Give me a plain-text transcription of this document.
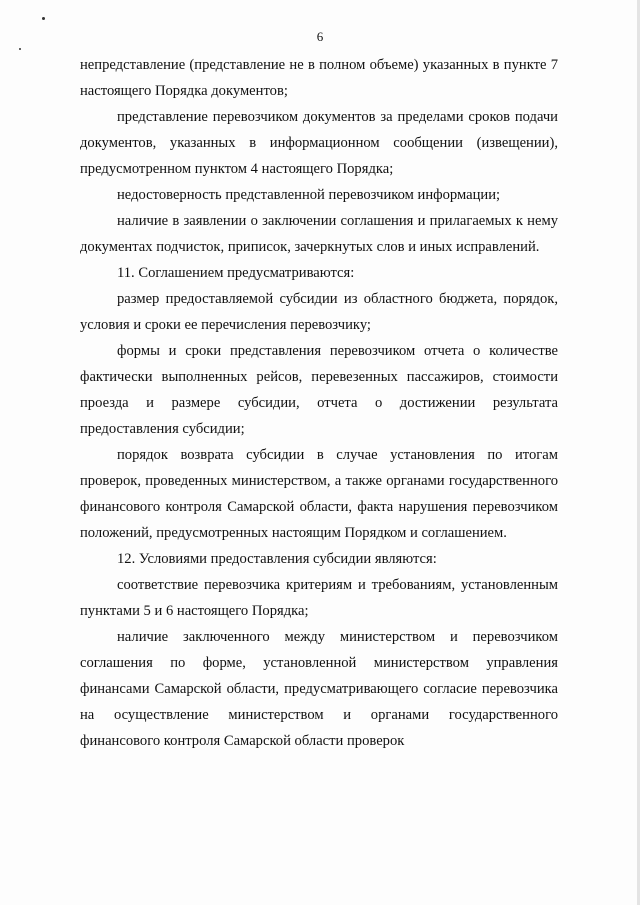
6

непредставление (представление не в полном объеме) указанных в пункте 7 настоящего Порядка документов;

представление перевозчиком документов за пределами сроков подачи документов, указанных в информационном сообщении (извещении), предусмотренном пунктом 4 настоящего Порядка;

недостоверность представленной перевозчиком информации;

наличие в заявлении о заключении соглашения и прилагаемых к нему документах подчисток, приписок, зачеркнутых слов и иных исправлений.

11. Соглашением предусматриваются:

размер предоставляемой субсидии из областного бюджета, порядок, условия и сроки ее перечисления перевозчику;

формы и сроки представления перевозчиком отчета о количестве фактически выполненных рейсов, перевезенных пассажиров, стоимости проезда и размере субсидии, отчета о достижении результата предоставления субсидии;

порядок возврата субсидии в случае установления по итогам проверок, проведенных министерством, а также органами государственного финансового контроля Самарской области, факта нарушения перевозчиком положений, предусмотренных настоящим Порядком и соглашением.

12. Условиями предоставления субсидии являются:

соответствие перевозчика критериям и требованиям, установленным пунктами 5 и 6 настоящего Порядка;

наличие заключенного между министерством и перевозчиком соглашения по форме, установленной министерством управления финансами Самарской области, предусматривающего согласие перевозчика на осуществление министерством и органами государственного финансового контроля Самарской области проверок
